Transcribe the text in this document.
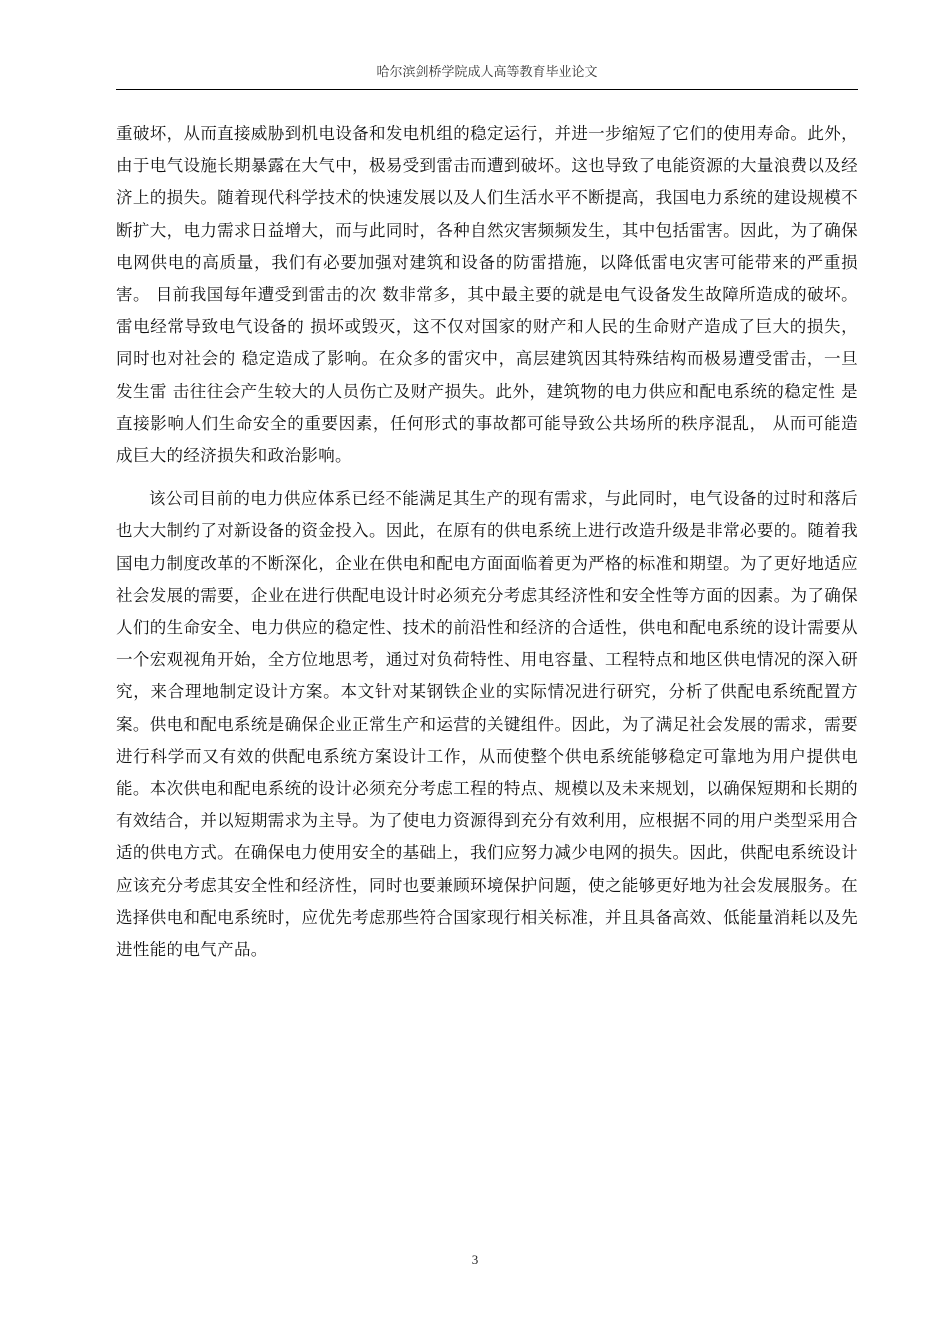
哈尔滨剑桥学院成人高等教育毕业论文

重破坏，从而直接威胁到机电设备和发电机组的稳定运行，并进一步缩短了它们的使用寿命。此外，由于电气设施长期暴露在大气中，极易受到雷击而遭到破坏。这也导致了电能资源的大量浪费以及经济上的损失。随着现代科学技术的快速发展以及人们生活水平不断提高，我国电力系统的建设规模不断扩大，电力需求日益增大，而与此同时，各种自然灾害频频发生，其中包括雷害。因此，为了确保电网供电的高质量，我们有必要加强对建筑和设备的防雷措施，以降低雷电灾害可能带来的严重损害。 目前我国每年遭受到雷击的次 数非常多，其中最主要的就是电气设备发生故障所造成的破坏。雷电经常导致电气设备的 损坏或毁灭，这不仅对国家的财产和人民的生命财产造成了巨大的损失，同时也对社会的 稳定造成了影响。在众多的雷灾中，高层建筑因其特殊结构而极易遭受雷击，一旦发生雷 击往往会产生较大的人员伤亡及财产损失。此外，建筑物的电力供应和配电系统的稳定性 是直接影响人们生命安全的重要因素，任何形式的事故都可能导致公共场所的秩序混乱， 从而可能造成巨大的经济损失和政治影响。

该公司目前的电力供应体系已经不能满足其生产的现有需求，与此同时，电气设备的过时和落后也大大制约了对新设备的资金投入。因此，在原有的供电系统上进行改造升级是非常必要的。随着我国电力制度改革的不断深化，企业在供电和配电方面面临着更为严格的标准和期望。为了更好地适应社会发展的需要，企业在进行供配电设计时必须充分考虑其经济性和安全性等方面的因素。为了确保人们的生命安全、电力供应的稳定性、技术的前沿性和经济的合适性，供电和配电系统的设计需要从一个宏观视角开始，全方位地思考，通过对负荷特性、用电容量、工程特点和地区供电情况的深入研究，来合理地制定设计方案。本文针对某钢铁企业的实际情况进行研究，分析了供配电系统配置方案。供电和配电系统是确保企业正常生产和运营的关键组件。因此，为了满足社会发展的需求，需要进行科学而又有效的供配电系统方案设计工作，从而使整个供电系统能够稳定可靠地为用户提供电能。本次供电和配电系统的设计必须充分考虑工程的特点、规模以及未来规划，以确保短期和长期的有效结合，并以短期需求为主导。为了使电力资源得到充分有效利用，应根据不同的用户类型采用合适的供电方式。在确保电力使用安全的基础上，我们应努力减少电网的损失。因此，供配电系统设计应该充分考虑其安全性和经济性，同时也要兼顾环境保护问题，使之能够更好地为社会发展服务。在选择供电和配电系统时，应优先考虑那些符合国家现行相关标准，并且具备高效、低能量消耗以及先进性能的电气产品。

3
